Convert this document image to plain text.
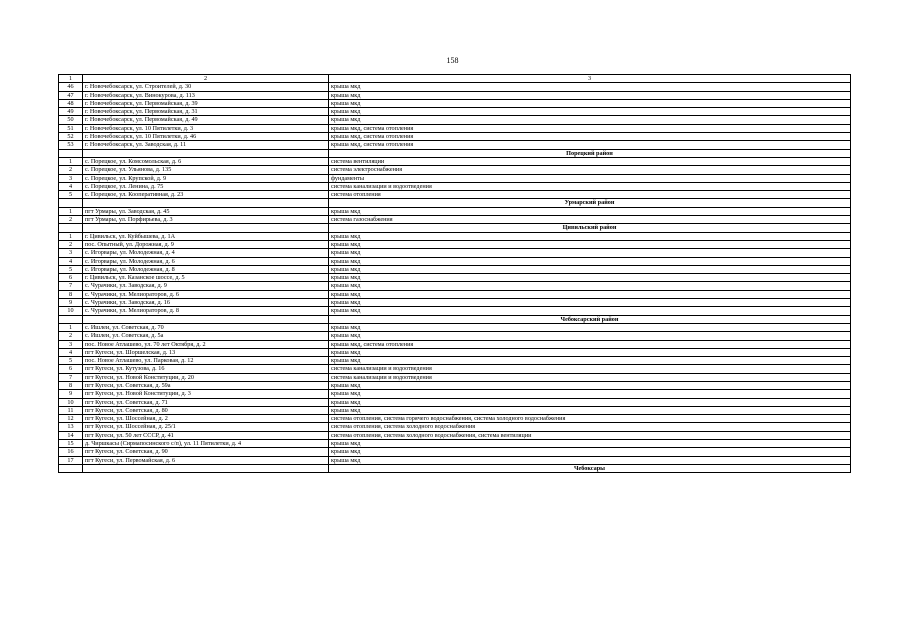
158
1	2	3
46	г. Новочебоксарск, ул. Строителей, д. 30	крыша мкд
47	г. Новочебоксарск, ул. Винокурова, д. 113	крыша мкд
48	г. Новочебоксарск, ул. Первомайская, д. 39	крыша мкд
49	г. Новочебоксарск, ул. Первомайская, д. 31	крыша мкд
50	г. Новочебоксарск, ул. Первомайская, д. 49	крыша мкд
51	г. Новочебоксарск, ул. 10 Пятилетки, д. 3	крыша мкд, система отопления
52	г. Новочебоксарск, ул. 10 Пятилетки, д. 46	крыша мкд, система отопления
53	г. Новочебоксарск, ул. Заводская, д. 11	крыша мкд, система отопления
		Порецкий район
1	с. Порецкое, ул. Комсомольская, д. 6	система вентиляции
2	с. Порецкое, ул. Ульянова, д. 135	система электроснабжения
3	с. Порецкое, ул. Крупской, д. 9	фундаменты
4	с. Порецкое, ул. Ленина, д. 75	система канализации и водоотведения
5	с. Порецкое, ул. Кооперативная, д. 23	система отопления
		Урмарский район
1	пгт Урмары, ул. Заводская, д. 45	крыша мкд
2	пгт Урмары, ул. Порфирьева, д. 3	система газоснабжения
		Цивильский район
1	г. Цивильск, ул. Куйбышева, д. 1А	крыша мкд
2	пос. Опытный, ул. Дорожная, д. 9	крыша мкд
3	с. Игорвары, ул. Молодежная, д. 4	крыша мкд
4	с. Игорвары, ул. Молодежная, д. 6	крыша мкд
5	с. Игорвары, ул. Молодежная, д. 8	крыша мкд
6	г. Цивильск, ул. Казанское шоссе, д. 5	крыша мкд
7	с. Чурачики, ул. Заводская, д. 9	крыша мкд
8	с. Чурачики, ул. Мелиораторов, д. 6	крыша мкд
9	с. Чурачики, ул. Заводская, д. 16	крыша мкд
10	с. Чурачики, ул. Мелиораторов, д. 8	крыша мкд
		Чебоксарский район
1	с. Ишлеи, ул. Советская, д. 70	крыша мкд
2	с. Ишлеи, ул. Советская, д. 5а	крыша мкд
3	пос. Новое Атлашево, ул. 70 лет Октября, д. 2	крыша мкд, система отопления
4	пгт Кугеси, ул. Шоршелская, д. 13	крыша мкд
5	пос. Новое Атлашево, ул. Парковая, д. 12	крыша мкд
6	пгт Кугеси, ул. Кутузова, д. 16	система канализации и водоотведения
7	пгт Кугеси, ул. Новой Конституции, д. 20	система канализации и водоотведения
8	пгт Кугеси, ул. Советская, д. 59а	крыша мкд
9	пгт Кугеси, ул. Новой Конституции, д. 3	крыша мкд
10	пгт Кугеси, ул. Советская, д. 71	крыша мкд
11	пгт Кугеси, ул. Советская, д. 80	крыша мкд
12	пгт Кугеси, ул. Шоссейная, д. 2	система отопления, система горячего водоснабжения, система холодного водоснабжения
13	пгт Кугеси, ул. Шоссейная, д. 25/1	система отопления, система холодного водоснабжения
14	пгт Кугеси, ул. 50 лет СССР, д. 41	система отопления, система холодного водоснабжения, система вентиляции
15	д. Чиршкасы (Сирмапосинского с/п), ул. 11 Пятилетки, д. 4	крыша мкд
16	пгт Кугеси, ул. Советская, д. 90	крыша мкд
17	пгт Кугеси, ул. Первомайская, д. 6	крыша мкд
		Чебоксары
